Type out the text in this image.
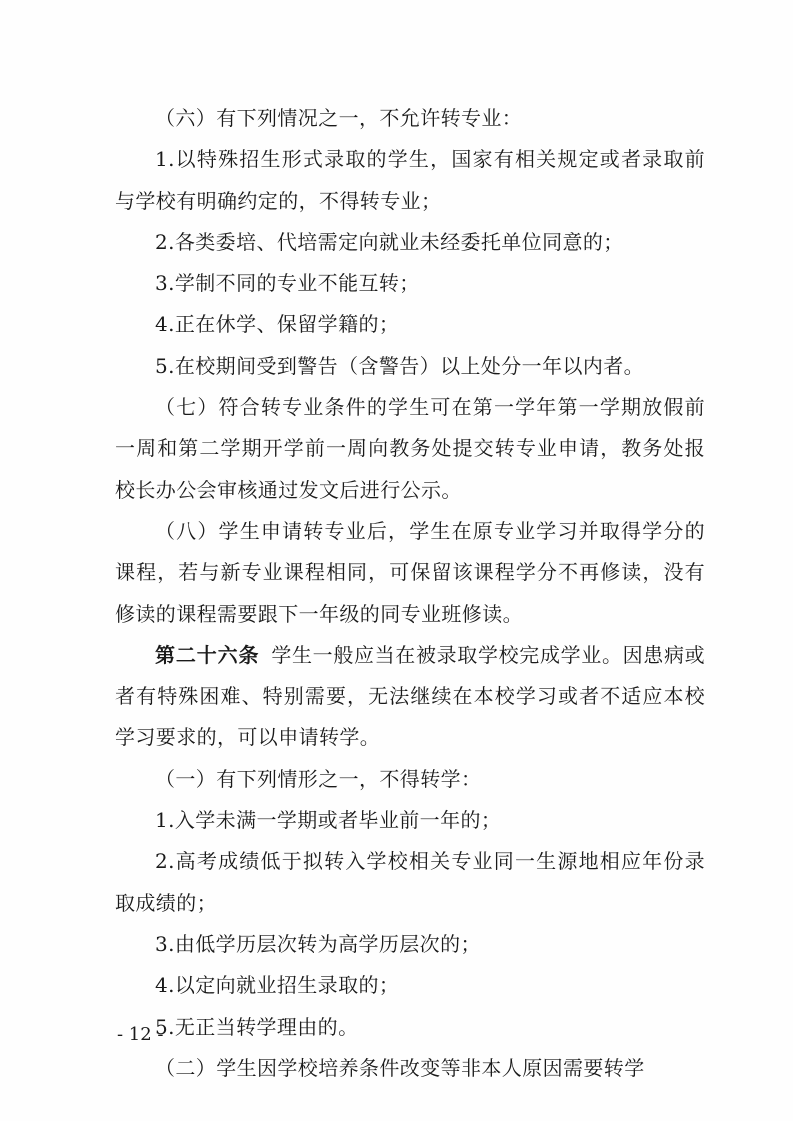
（六）有下列情况之一，不允许转专业：

1.以特殊招生形式录取的学生，国家有相关规定或者录取前与学校有明确约定的，不得转专业；

2.各类委培、代培需定向就业未经委托单位同意的；

3.学制不同的专业不能互转；

4.正在休学、保留学籍的；

5.在校期间受到警告（含警告）以上处分一年以内者。

（七）符合转专业条件的学生可在第一学年第一学期放假前一周和第二学期开学前一周向教务处提交转专业申请，教务处报校长办公会审核通过发文后进行公示。

（八）学生申请转专业后，学生在原专业学习并取得学分的课程，若与新专业课程相同，可保留该课程学分不再修读，没有修读的课程需要跟下一年级的同专业班修读。

第二十六条 学生一般应当在被录取学校完成学业。因患病或者有特殊困难、特别需要，无法继续在本校学习或者不适应本校学习要求的，可以申请转学。

（一）有下列情形之一，不得转学：

1.入学未满一学期或者毕业前一年的；

2.高考成绩低于拟转入学校相关专业同一生源地相应年份录取成绩的；

3.由低学历层次转为高学历层次的；

4.以定向就业招生录取的；

5.无正当转学理由的。

（二）学生因学校培养条件改变等非本人原因需要转学

- 12 -
